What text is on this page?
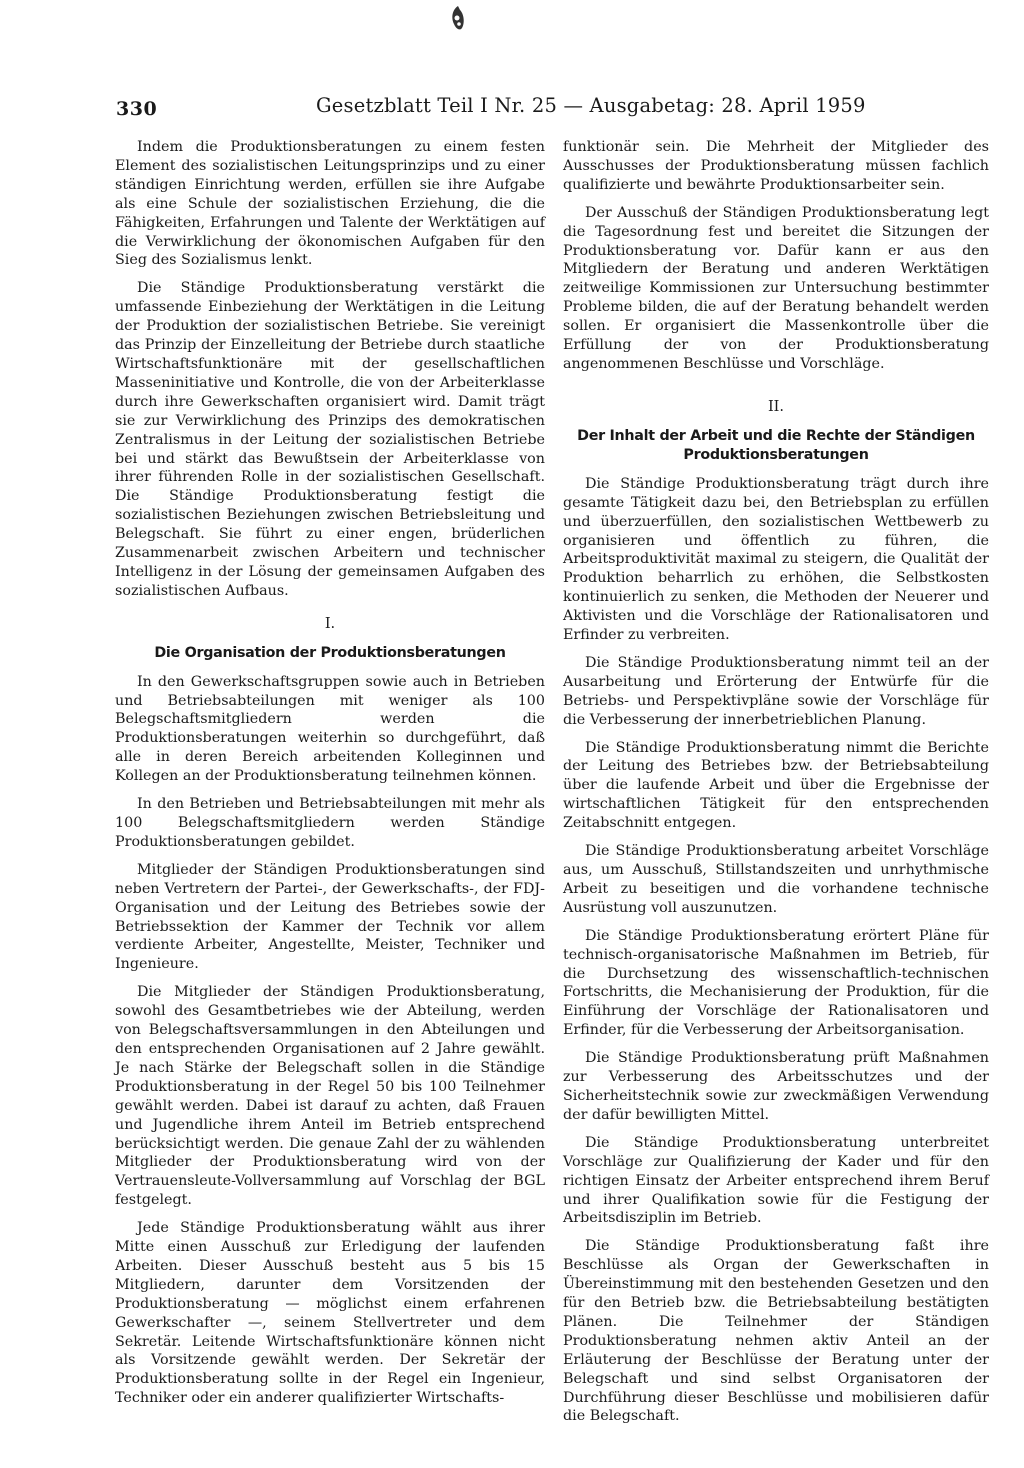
330	Gesetzblatt Teil I Nr. 25 — Ausgabetag: 28. April 1959

Indem die Produktionsberatungen zu einem festen Element des sozialistischen Leitungsprinzips und zu einer ständigen Einrichtung werden, erfüllen sie ihre Aufgabe als eine Schule der sozialistischen Erziehung, die die Fähigkeiten, Erfahrungen und Talente der Werktätigen auf die Verwirklichung der ökonomischen Aufgaben für den Sieg des Sozialismus lenkt.

Die Ständige Produktionsberatung verstärkt die umfassende Einbeziehung der Werktätigen in die Leitung der Produktion der sozialistischen Betriebe. Sie vereinigt das Prinzip der Einzelleitung der Betriebe durch staatliche Wirtschaftsfunktionäre mit der gesellschaftlichen Masseninitiative und Kontrolle, die von der Arbeiterklasse durch ihre Gewerkschaften organisiert wird. Damit trägt sie zur Verwirklichung des Prinzips des demokratischen Zentralismus in der Leitung der sozialistischen Betriebe bei und stärkt das Bewußtsein der Arbeiterklasse von ihrer führenden Rolle in der sozialistischen Gesellschaft. Die Ständige Produktionsberatung festigt die sozialistischen Beziehungen zwischen Betriebsleitung und Belegschaft. Sie führt zu einer engen, brüderlichen Zusammenarbeit zwischen Arbeitern und technischer Intelligenz in der Lösung der gemeinsamen Aufgaben des sozialistischen Aufbaus.

I.
Die Organisation der Produktionsberatungen

In den Gewerkschaftsgruppen sowie auch in Betrieben und Betriebsabteilungen mit weniger als 100 Belegschaftsmitgliedern werden die Produktionsberatungen weiterhin so durchgeführt, daß alle in deren Bereich arbeitenden Kolleginnen und Kollegen an der Produktionsberatung teilnehmen können.

In den Betrieben und Betriebsabteilungen mit mehr als 100 Belegschaftsmitgliedern werden Ständige Produktionsberatungen gebildet.

Mitglieder der Ständigen Produktionsberatungen sind neben Vertretern der Partei-, der Gewerkschafts-, der FDJ-Organisation und der Leitung des Betriebes sowie der Betriebssektion der Kammer der Technik vor allem verdiente Arbeiter, Angestellte, Meister, Techniker und Ingenieure.

Die Mitglieder der Ständigen Produktionsberatung, sowohl des Gesamtbetriebes wie der Abteilung, werden von Belegschaftsversammlungen in den Abteilungen und den entsprechenden Organisationen auf 2 Jahre gewählt. Je nach Stärke der Belegschaft sollen in die Ständige Produktionsberatung in der Regel 50 bis 100 Teilnehmer gewählt werden. Dabei ist darauf zu achten, daß Frauen und Jugendliche ihrem Anteil im Betrieb entsprechend berücksichtigt werden. Die genaue Zahl der zu wählenden Mitglieder der Produktionsberatung wird von der Vertrauensleute-Vollversammlung auf Vorschlag der BGL festgelegt.

Jede Ständige Produktionsberatung wählt aus ihrer Mitte einen Ausschuß zur Erledigung der laufenden Arbeiten. Dieser Ausschuß besteht aus 5 bis 15 Mitgliedern, darunter dem Vorsitzenden der Produktionsberatung — möglichst einem erfahrenen Gewerkschafter —, seinem Stellvertreter und dem Sekretär. Leitende Wirtschaftsfunktionäre können nicht als Vorsitzende gewählt werden. Der Sekretär der Produktionsberatung sollte in der Regel ein Ingenieur, Techniker oder ein anderer qualifizierter Wirtschafts-

funktionär sein. Die Mehrheit der Mitglieder des Ausschusses der Produktionsberatung müssen fachlich qualifizierte und bewährte Produktionsarbeiter sein.

Der Ausschuß der Ständigen Produktionsberatung legt die Tagesordnung fest und bereitet die Sitzungen der Produktionsberatung vor. Dafür kann er aus den Mitgliedern der Beratung und anderen Werktätigen zeitweilige Kommissionen zur Untersuchung bestimmter Probleme bilden, die auf der Beratung behandelt werden sollen. Er organisiert die Massenkontrolle über die Erfüllung der von der Produktionsberatung angenommenen Beschlüsse und Vorschläge.

II.
Der Inhalt der Arbeit und die Rechte der Ständigen Produktionsberatungen

Die Ständige Produktionsberatung trägt durch ihre gesamte Tätigkeit dazu bei, den Betriebsplan zu erfüllen und überzuerfüllen, den sozialistischen Wettbewerb zu organisieren und öffentlich zu führen, die Arbeitsproduktivität maximal zu steigern, die Qualität der Produktion beharrlich zu erhöhen, die Selbstkosten kontinuierlich zu senken, die Methoden der Neuerer und Aktivisten und die Vorschläge der Rationalisatoren und Erfinder zu verbreiten.

Die Ständige Produktionsberatung nimmt teil an der Ausarbeitung und Erörterung der Entwürfe für die Betriebs- und Perspektivpläne sowie der Vorschläge für die Verbesserung der innerbetrieblichen Planung.

Die Ständige Produktionsberatung nimmt die Berichte der Leitung des Betriebes bzw. der Betriebsabteilung über die laufende Arbeit und über die Ergebnisse der wirtschaftlichen Tätigkeit für den entsprechenden Zeitabschnitt entgegen.

Die Ständige Produktionsberatung arbeitet Vorschläge aus, um Ausschuß, Stillstandszeiten und unrhythmische Arbeit zu beseitigen und die vorhandene technische Ausrüstung voll auszunutzen.

Die Ständige Produktionsberatung erörtert Pläne für technisch-organisatorische Maßnahmen im Betrieb, für die Durchsetzung des wissenschaftlich-technischen Fortschritts, die Mechanisierung der Produktion, für die Einführung der Vorschläge der Rationalisatoren und Erfinder, für die Verbesserung der Arbeitsorganisation.

Die Ständige Produktionsberatung prüft Maßnahmen zur Verbesserung des Arbeitsschutzes und der Sicherheitstechnik sowie zur zweckmäßigen Verwendung der dafür bewilligten Mittel.

Die Ständige Produktionsberatung unterbreitet Vorschläge zur Qualifizierung der Kader und für den richtigen Einsatz der Arbeiter entsprechend ihrem Beruf und ihrer Qualifikation sowie für die Festigung der Arbeitsdisziplin im Betrieb.

Die Ständige Produktionsberatung faßt ihre Beschlüsse als Organ der Gewerkschaften in Übereinstimmung mit den bestehenden Gesetzen und den für den Betrieb bzw. die Betriebsabteilung bestätigten Plänen. Die Teilnehmer der Ständigen Produktionsberatung nehmen aktiv Anteil an der Erläuterung der Beschlüsse der Beratung unter der Belegschaft und sind selbst Organisatoren der Durchführung dieser Beschlüsse und mobilisieren dafür die Belegschaft.
